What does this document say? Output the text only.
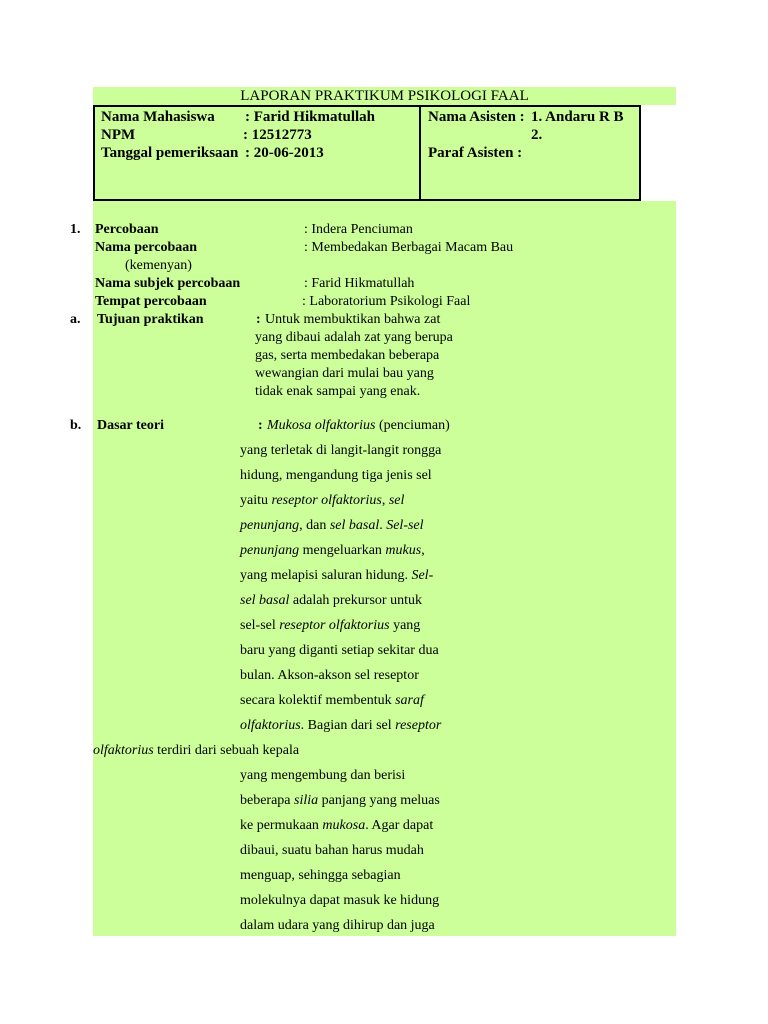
LAPORAN PRAKTIKUM PSIKOLOGI FAAL
Nama Mahasiswa : Farid Hikmatullah
NPM	: 12512773
Tanggal pemeriksaan : 20-06-2013
Nama Asisten : 1. Andaru R B
2.
Paraf Asisten :
1. Percobaan	: Indera Penciuman
Nama percobaan	: Membedakan Berbagai Macam Bau
(kemenyan)
Nama subjek percobaan	: Farid Hikmatullah
Tempat percobaan	: Laboratorium Psikologi Faal
a. Tujuan praktikan	: Untuk membuktikan bahwa zat
yang dibaui adalah zat yang berupa
gas, serta membedakan beberapa
wewangian dari mulai bau yang
tidak enak sampai yang enak.
b. Dasar teori	: Mukosa olfaktorius (penciuman)
yang terletak di langit-langit rongga
hidung, mengandung tiga jenis sel
yaitu reseptor olfaktorius, sel
penunjang, dan sel basal. Sel-sel
penunjang mengeluarkan mukus,
yang melapisi saluran hidung. Sel-
sel basal adalah prekursor untuk
sel-sel reseptor olfaktorius yang
baru yang diganti setiap sekitar dua
bulan. Akson-akson sel reseptor
secara kolektif membentuk saraf
olfaktorius. Bagian dari sel reseptor
olfaktorius terdiri dari sebuah kepala
yang mengembung dan berisi
beberapa silia panjang yang meluas
ke permukaan mukosa. Agar dapat
dibaui, suatu bahan harus mudah
menguap, sehingga sebagian
molekulnya dapat masuk ke hidung
dalam udara yang dihirup dan juga
